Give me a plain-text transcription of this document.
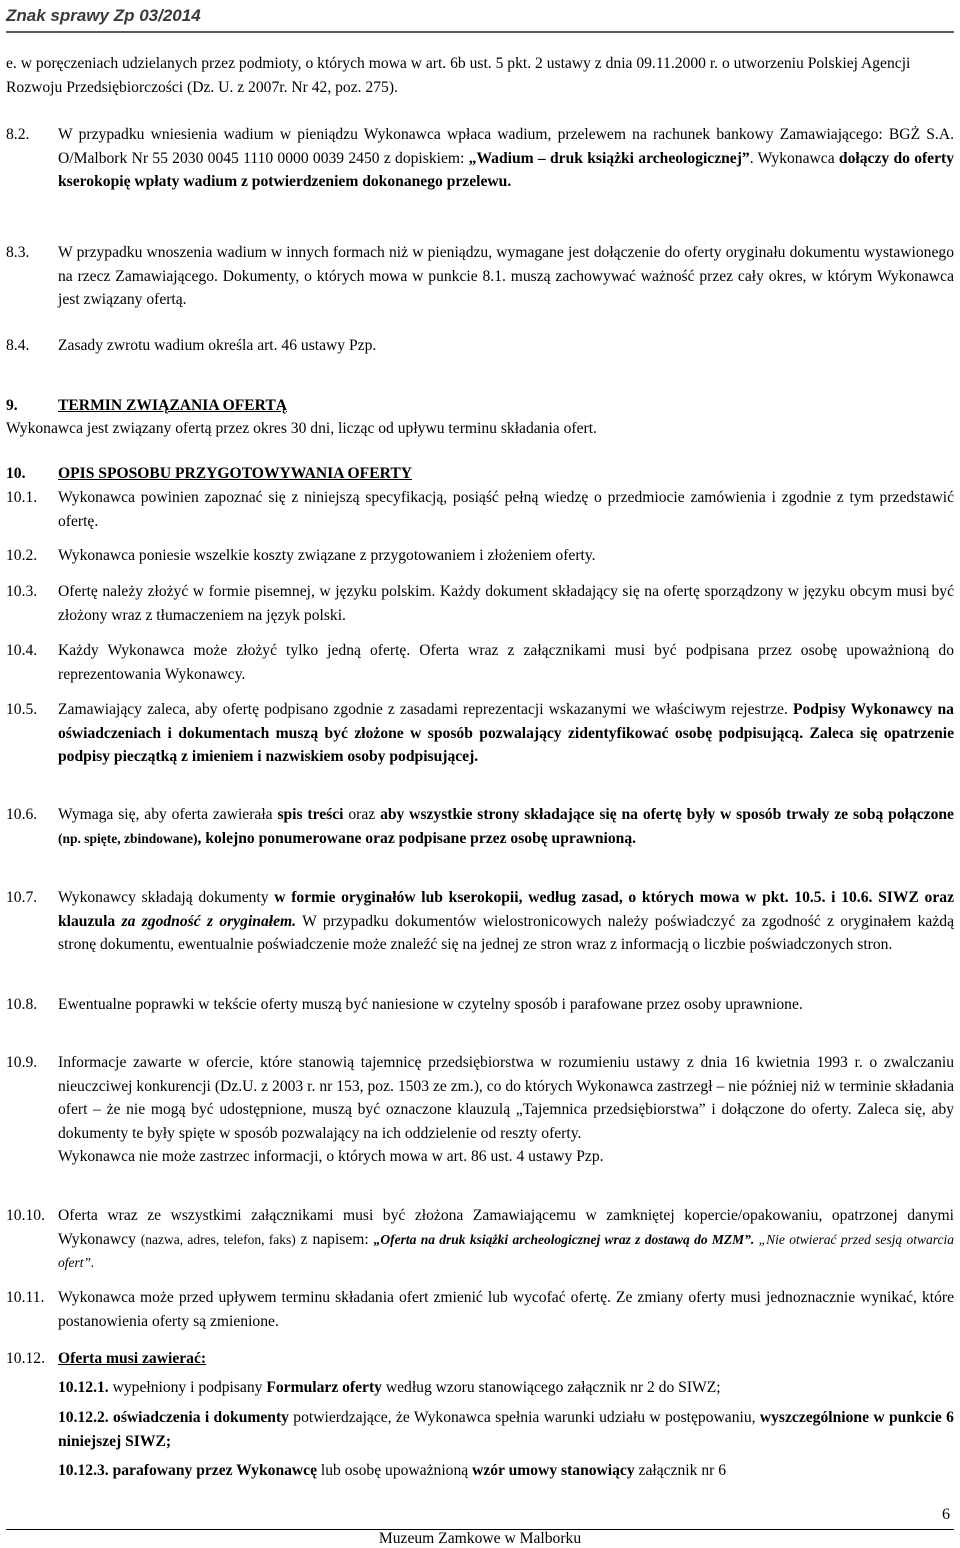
Znak sprawy Zp 03/2014
e. w poręczeniach udzielanych przez podmioty, o których mowa w art. 6b ust. 5 pkt. 2 ustawy z dnia 09.11.2000 r. o utworzeniu Polskiej Agencji Rozwoju Przedsiębiorczości (Dz. U. z 2007r. Nr 42, poz. 275).
8.2. W przypadku wniesienia wadium w pieniądzu Wykonawca wpłaca wadium, przelewem na rachunek bankowy Zamawiającego: BGŻ S.A. O/Malbork Nr 55 2030 0045 1110 0000 0039 2450 z dopiskiem: „Wadium – druk książki archeologicznej”. Wykonawca dołączy do oferty kserokopię wpłaty wadium z potwierdzeniem dokonanego przelewu.
8.3. W przypadku wnoszenia wadium w innych formach niż w pieniądzu, wymagane jest dołączenie do oferty oryginału dokumentu wystawionego na rzecz Zamawiającego. Dokumenty, o których mowa w punkcie 8.1. muszą zachowywać ważność przez cały okres, w którym Wykonawca jest związany ofertą.
8.4. Zasady zwrotu wadium określa art. 46 ustawy Pzp.
9.	TERMIN ZWIĄZANIA OFERTĄ
Wykonawca jest związany ofertą przez okres 30 dni, licząc od upływu terminu składania ofert.
10. OPIS SPOSOBU PRZYGOTOWYWANIA OFERTY
10.1. Wykonawca powinien zapoznać się z niniejszą specyfikacją, posiąść pełną wiedzę o przedmiocie zamówienia i zgodnie z tym przedstawić ofertę.
10.2. Wykonawca poniesie wszelkie koszty związane z przygotowaniem i złożeniem oferty.
10.3. Ofertę należy złożyć w formie pisemnej, w języku polskim. Każdy dokument składający się na ofertę sporządzony w języku obcym musi być złożony wraz z tłumaczeniem na język polski.
10.4. Każdy Wykonawca może złożyć tylko jedną ofertę. Oferta wraz z załącznikami musi być podpisana przez osobę upoważnioną do reprezentowania Wykonawcy.
10.5. Zamawiający zaleca, aby ofertę podpisano zgodnie z zasadami reprezentacji wskazanymi we właściwym rejestrze. Podpisy Wykonawcy na oświadczeniach i dokumentach muszą być złożone w sposób pozwalający zidentyfikować osobę podpisującą. Zaleca się opatrzenie podpisy pieczątką z imieniem i nazwiskiem osoby podpisującej.
10.6. Wymaga się, aby oferta zawierała spis treści oraz aby wszystkie strony składające się na ofertę były w sposób trwały ze sobą połączone (np. spięte, zbindowane), kolejno ponumerowane oraz podpisane przez osobę uprawnioną.
10.7. Wykonawcy składają dokumenty w formie oryginałów lub kserokopii, według zasad, o których mowa w pkt. 10.5. i 10.6. SIWZ oraz klauzula za zgodność z oryginałem. W przypadku dokumentów wielostronicowych należy poświadczyć za zgodność z oryginałem każdą stronę dokumentu, ewentualnie poświadczenie może znaleźć się na jednej ze stron wraz z informacją o liczbie poświadczonych stron.
10.8. Ewentualne poprawki w tekście oferty muszą być naniesione w czytelny sposób i parafowane przez osoby uprawnione.
10.9. Informacje zawarte w ofercie, które stanowią tajemnicę przedsiębiorstwa w rozumieniu ustawy z dnia 16 kwietnia 1993 r. o zwalczaniu nieuczciwej konkurencji (Dz.U. z 2003 r. nr 153, poz. 1503 ze zm.), co do których Wykonawca zastrzegł – nie później niż w terminie składania ofert – że nie mogą być udostępnione, muszą być oznaczone klauzulą „Tajemnica przedsiębiorstwa” i dołączone do oferty. Zaleca się, aby dokumenty te były spięte w sposób pozwalający na ich oddzielenie od reszty oferty.
Wykonawca nie może zastrzec informacji, o których mowa w art. 86 ust. 4 ustawy Pzp.
10.10. Oferta wraz ze wszystkimi załącznikami musi być złożona Zamawiającemu w zamkniętej kopercie/opakowaniu, opatrzonej danymi Wykonawcy (nazwa, adres, telefon, faks) z napisem: „Oferta na druk książki archeologicznej wraz z dostawą do MZM”. „Nie otwierać przed sesją otwarcia ofert”.
10.11. Wykonawca może przed upływem terminu składania ofert zmienić lub wycofać ofertę. Ze zmiany oferty musi jednoznacznie wynikać, które postanowienia oferty są zmienione.
10.12. Oferta musi zawierać:
10.12.1. wypełniony i podpisany Formularz oferty według wzoru stanowiącego załącznik nr 2 do SIWZ;
10.12.2. oświadczenia i dokumenty potwierdzające, że Wykonawca spełnia warunki udziału w postępowaniu, wyszczególnione w punkcie 6 niniejszej SIWZ;
10.12.3. parafowany przez Wykonawcę lub osobę upoważnioną wzór umowy stanowiący załącznik nr 6
6
Muzeum Zamkowe w Malborku
